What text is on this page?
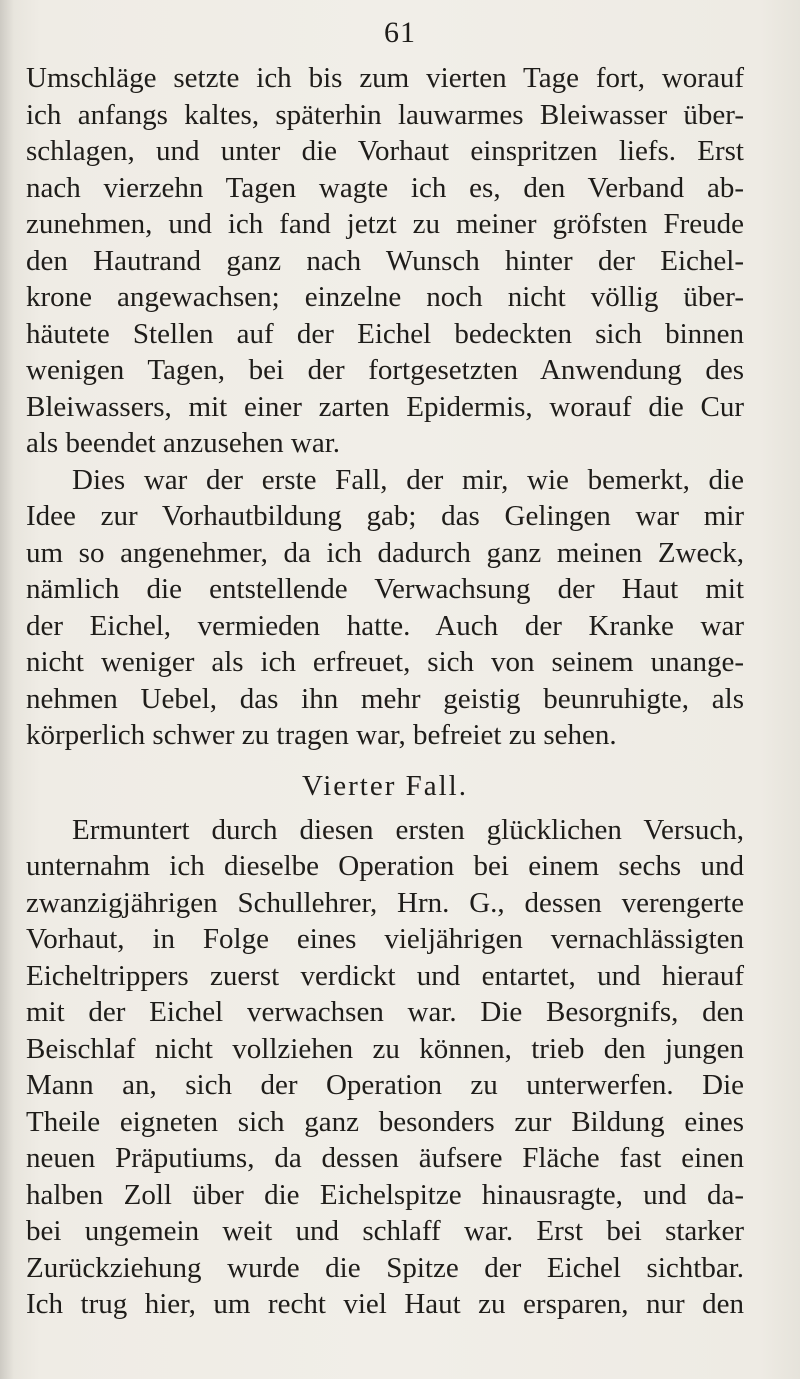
61
Umschläge setzte ich bis zum vierten Tage fort, worauf
ich anfangs kaltes, späterhin lauwarmes Bleiwasser über-
schlagen, und unter die Vorhaut einspritzen liefs. Erst
nach vierzehn Tagen wagte ich es, den Verband ab-
zunehmen, und ich fand jetzt zu meiner gröfsten Freude
den Hautrand ganz nach Wunsch hinter der Eichel-
krone angewachsen; einzelne noch nicht völlig über-
häutete Stellen auf der Eichel bedeckten sich binnen
wenigen Tagen, bei der fortgesetzten Anwendung des
Bleiwassers, mit einer zarten Epidermis, worauf die Cur
als beendet anzusehen war.
Dies war der erste Fall, der mir, wie bemerkt, die
Idee zur Vorhautbildung gab; das Gelingen war mir
um so angenehmer, da ich dadurch ganz meinen Zweck,
nämlich die entstellende Verwachsung der Haut mit
der Eichel, vermieden hatte. Auch der Kranke war
nicht weniger als ich erfreuet, sich von seinem unange-
nehmen Uebel, das ihn mehr geistig beunruhigte, als
körperlich schwer zu tragen war, befreiet zu sehen.
Vierter Fall.
Ermuntert durch diesen ersten glücklichen Versuch,
unternahm ich dieselbe Operation bei einem sechs und
zwanzigjährigen Schullehrer, Hrn. G., dessen verengerte
Vorhaut, in Folge eines vieljährigen vernachlässigten
Eicheltrippers zuerst verdickt und entartet, und hierauf
mit der Eichel verwachsen war. Die Besorgnifs, den
Beischlaf nicht vollziehen zu können, trieb den jungen
Mann an, sich der Operation zu unterwerfen. Die
Theile eigneten sich ganz besonders zur Bildung eines
neuen Präputiums, da dessen äufsere Fläche fast einen
halben Zoll über die Eichelspitze hinausragte, und da-
bei ungemein weit und schlaff war. Erst bei starker
Zurückziehung wurde die Spitze der Eichel sichtbar.
Ich trug hier, um recht viel Haut zu ersparen, nur den
